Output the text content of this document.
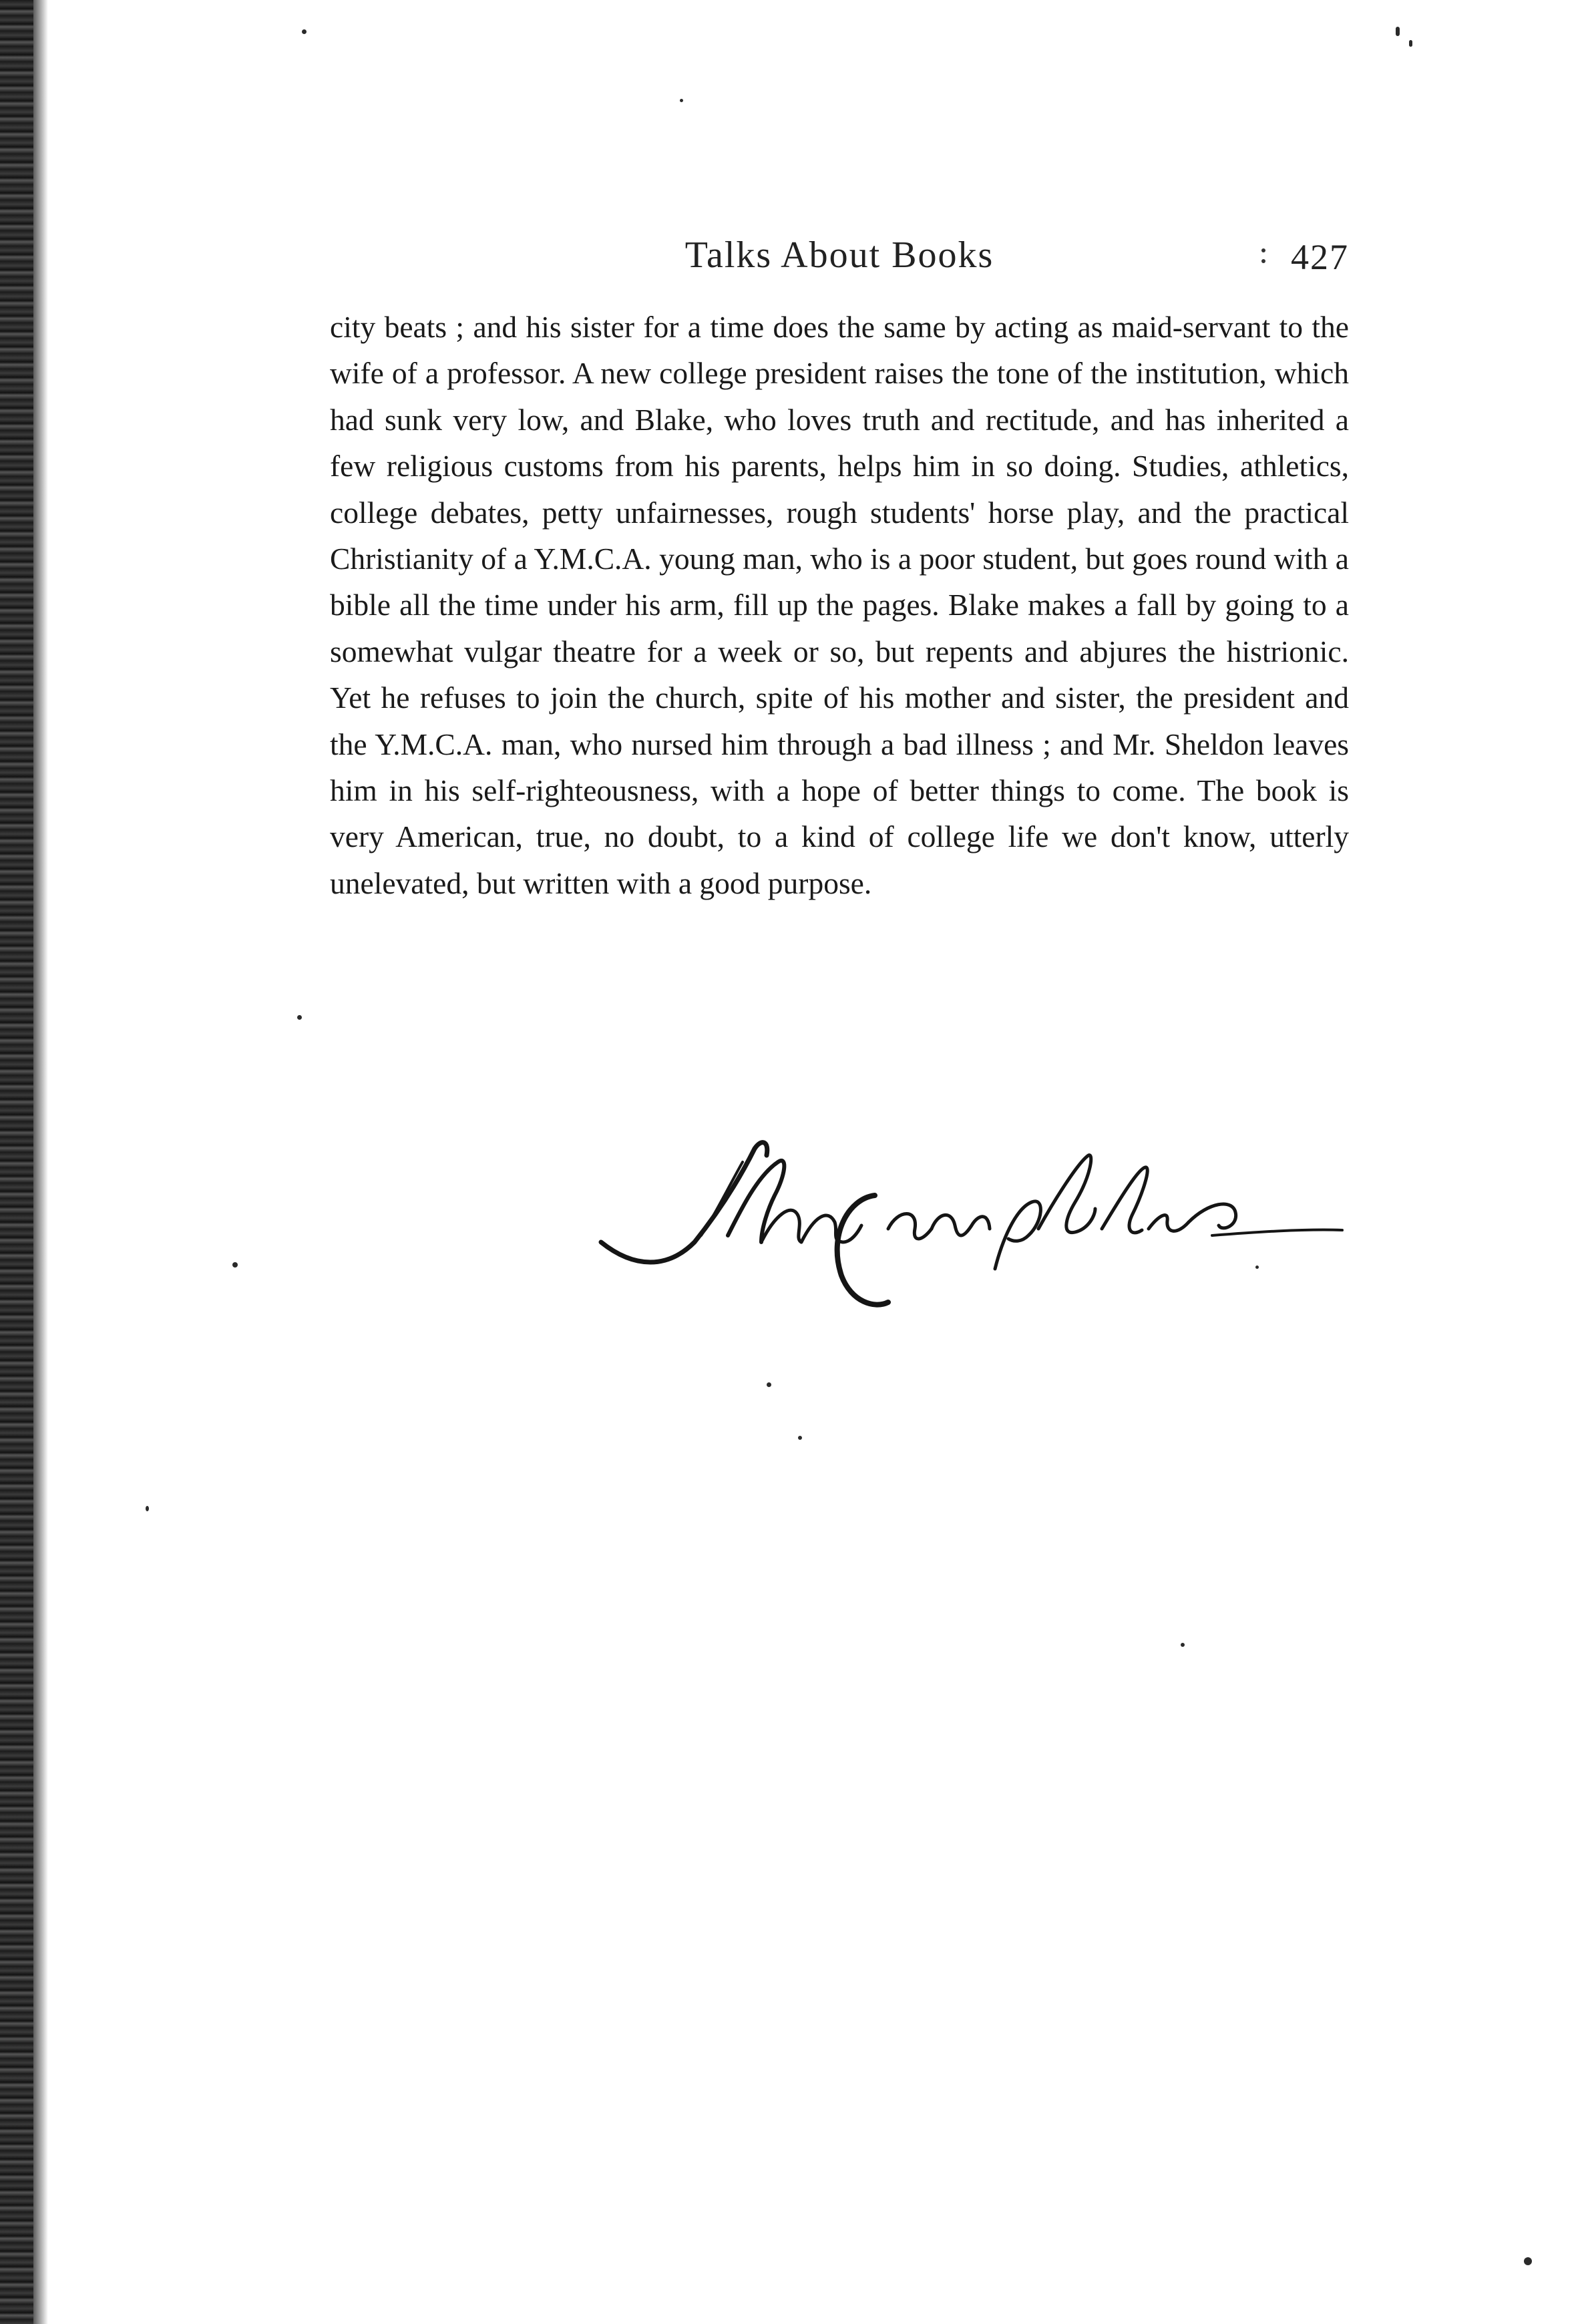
Talks About Books	427

city beats ; and his sister for a time does the same by acting as maid-servant to the wife of a professor. A new college president raises the tone of the institution, which had sunk very low, and Blake, who loves truth and rectitude, and has inherited a few religious customs from his parents, helps him in so doing. Studies, athletics, college debates, petty unfairnesses, rough students' horse play, and the practical Christianity of a Y.M.C.A. young man, who is a poor student, but goes round with a bible all the time under his arm, fill up the pages. Blake makes a fall by going to a somewhat vulgar theatre for a week or so, but repents and abjures the histrionic. Yet he refuses to join the church, spite of his mother and sister, the president and the Y.M.C.A. man, who nursed him through a bad illness ; and Mr. Sheldon leaves him in his self-righteousness, with a hope of better things to come. The book is very American, true, no doubt, to a kind of college life we don't know, utterly unelevated, but written with a good purpose.
